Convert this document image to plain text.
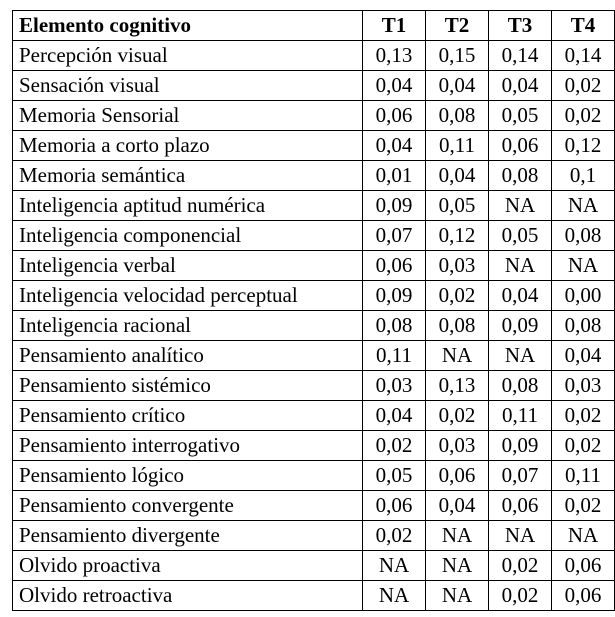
Elemento cognitivo	T1	T2	T3	T4
Percepción visual	0,13	0,15	0,14	0,14
Sensación visual	0,04	0,04	0,04	0,02
Memoria Sensorial	0,06	0,08	0,05	0,02
Memoria a corto plazo	0,04	0,11	0,06	0,12
Memoria semántica	0,01	0,04	0,08	0,1
Inteligencia aptitud numérica	0,09	0,05	NA	NA
Inteligencia componencial	0,07	0,12	0,05	0,08
Inteligencia verbal	0,06	0,03	NA	NA
Inteligencia velocidad perceptual	0,09	0,02	0,04	0,00
Inteligencia racional	0,08	0,08	0,09	0,08
Pensamiento analítico	0,11	NA	NA	0,04
Pensamiento sistémico	0,03	0,13	0,08	0,03
Pensamiento crítico	0,04	0,02	0,11	0,02
Pensamiento interrogativo	0,02	0,03	0,09	0,02
Pensamiento lógico	0,05	0,06	0,07	0,11
Pensamiento convergente	0,06	0,04	0,06	0,02
Pensamiento divergente	0,02	NA	NA	NA
Olvido proactiva	NA	NA	0,02	0,06
Olvido retroactiva	NA	NA	0,02	0,06
